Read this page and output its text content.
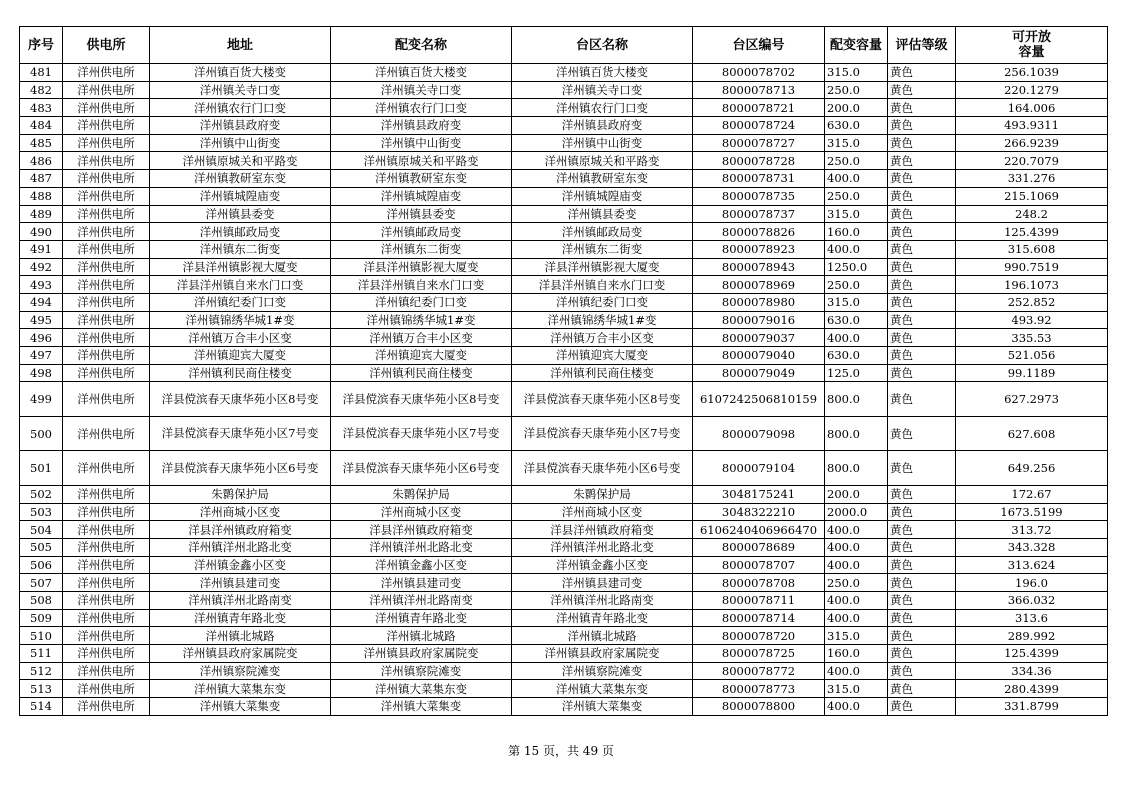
序号	供电所	地址	配变名称	台区名称	台区编号	配变容量	评估等级	可开放容量
481	洋州供电所	洋州镇百货大楼变	洋州镇百货大楼变	洋州镇百货大楼变	8000078702	315.0	黄色	256.1039
482	洋州供电所	洋州镇关寺口变	洋州镇关寺口变	洋州镇关寺口变	8000078713	250.0	黄色	220.1279
483	洋州供电所	洋州镇农行门口变	洋州镇农行门口变	洋州镇农行门口变	8000078721	200.0	黄色	164.006
484	洋州供电所	洋州镇县政府变	洋州镇县政府变	洋州镇县政府变	8000078724	630.0	黄色	493.9311
485	洋州供电所	洋州镇中山街变	洋州镇中山街变	洋州镇中山街变	8000078727	315.0	黄色	266.9239
486	洋州供电所	洋州镇原城关和平路变	洋州镇原城关和平路变	洋州镇原城关和平路变	8000078728	250.0	黄色	220.7079
487	洋州供电所	洋州镇教研室东变	洋州镇教研室东变	洋州镇教研室东变	8000078731	400.0	黄色	331.276
488	洋州供电所	洋州镇城隍庙变	洋州镇城隍庙变	洋州镇城隍庙变	8000078735	250.0	黄色	215.1069
489	洋州供电所	洋州镇县委变	洋州镇县委变	洋州镇县委变	8000078737	315.0	黄色	248.2
490	洋州供电所	洋州镇邮政局变	洋州镇邮政局变	洋州镇邮政局变	8000078826	160.0	黄色	125.4399
491	洋州供电所	洋州镇东二街变	洋州镇东二街变	洋州镇东二街变	8000078923	400.0	黄色	315.608
492	洋州供电所	洋县洋州镇影视大厦变	洋县洋州镇影视大厦变	洋县洋州镇影视大厦变	8000078943	1250.0	黄色	990.7519
493	洋州供电所	洋县洋州镇自来水门口变	洋县洋州镇自来水门口变	洋县洋州镇自来水门口变	8000078969	250.0	黄色	196.1073
494	洋州供电所	洋州镇纪委门口变	洋州镇纪委门口变	洋州镇纪委门口变	8000078980	315.0	黄色	252.852
495	洋州供电所	洋州镇锦绣华城1#变	洋州镇锦绣华城1#变	洋州镇锦绣华城1#变	8000079016	630.0	黄色	493.92
496	洋州供电所	洋州镇万合丰小区变	洋州镇万合丰小区变	洋州镇万合丰小区变	8000079037	400.0	黄色	335.53
497	洋州供电所	洋州镇迎宾大厦变	洋州镇迎宾大厦变	洋州镇迎宾大厦变	8000079040	630.0	黄色	521.056
498	洋州供电所	洋州镇利民商住楼变	洋州镇利民商住楼变	洋州镇利民商住楼变	8000079049	125.0	黄色	99.1189
499	洋州供电所	洋县傥滨春天康华苑小区8号变	洋县傥滨春天康华苑小区8号变	洋县傥滨春天康华苑小区8号变	6107242506810159	800.0	黄色	627.2973
500	洋州供电所	洋县傥滨春天康华苑小区7号变	洋县傥滨春天康华苑小区7号变	洋县傥滨春天康华苑小区7号变	8000079098	800.0	黄色	627.608
501	洋州供电所	洋县傥滨春天康华苑小区6号变	洋县傥滨春天康华苑小区6号变	洋县傥滨春天康华苑小区6号变	8000079104	800.0	黄色	649.256
502	洋州供电所	朱鹮保护局	朱鹮保护局	朱鹮保护局	3048175241	200.0	黄色	172.67
503	洋州供电所	洋州商城小区变	洋州商城小区变	洋州商城小区变	3048322210	2000.0	黄色	1673.5199
504	洋州供电所	洋县洋州镇政府箱变	洋县洋州镇政府箱变	洋县洋州镇政府箱变	6106240406966470	400.0	黄色	313.72
505	洋州供电所	洋州镇洋州北路北变	洋州镇洋州北路北变	洋州镇洋州北路北变	8000078689	400.0	黄色	343.328
506	洋州供电所	洋州镇金鑫小区变	洋州镇金鑫小区变	洋州镇金鑫小区变	8000078707	400.0	黄色	313.624
507	洋州供电所	洋州镇县建司变	洋州镇县建司变	洋州镇县建司变	8000078708	250.0	黄色	196.0
508	洋州供电所	洋州镇洋州北路南变	洋州镇洋州北路南变	洋州镇洋州北路南变	8000078711	400.0	黄色	366.032
509	洋州供电所	洋州镇青年路北变	洋州镇青年路北变	洋州镇青年路北变	8000078714	400.0	黄色	313.6
510	洋州供电所	洋州镇北城路	洋州镇北城路	洋州镇北城路	8000078720	315.0	黄色	289.992
511	洋州供电所	洋州镇县政府家属院变	洋州镇县政府家属院变	洋州镇县政府家属院变	8000078725	160.0	黄色	125.4399
512	洋州供电所	洋州镇察院滩变	洋州镇察院滩变	洋州镇察院滩变	8000078772	400.0	黄色	334.36
513	洋州供电所	洋州镇大菜集东变	洋州镇大菜集东变	洋州镇大菜集东变	8000078773	315.0	黄色	280.4399
514	洋州供电所	洋州镇大菜集变	洋州镇大菜集变	洋州镇大菜集变	8000078800	400.0	黄色	331.8799
第 15 页，共 49 页
